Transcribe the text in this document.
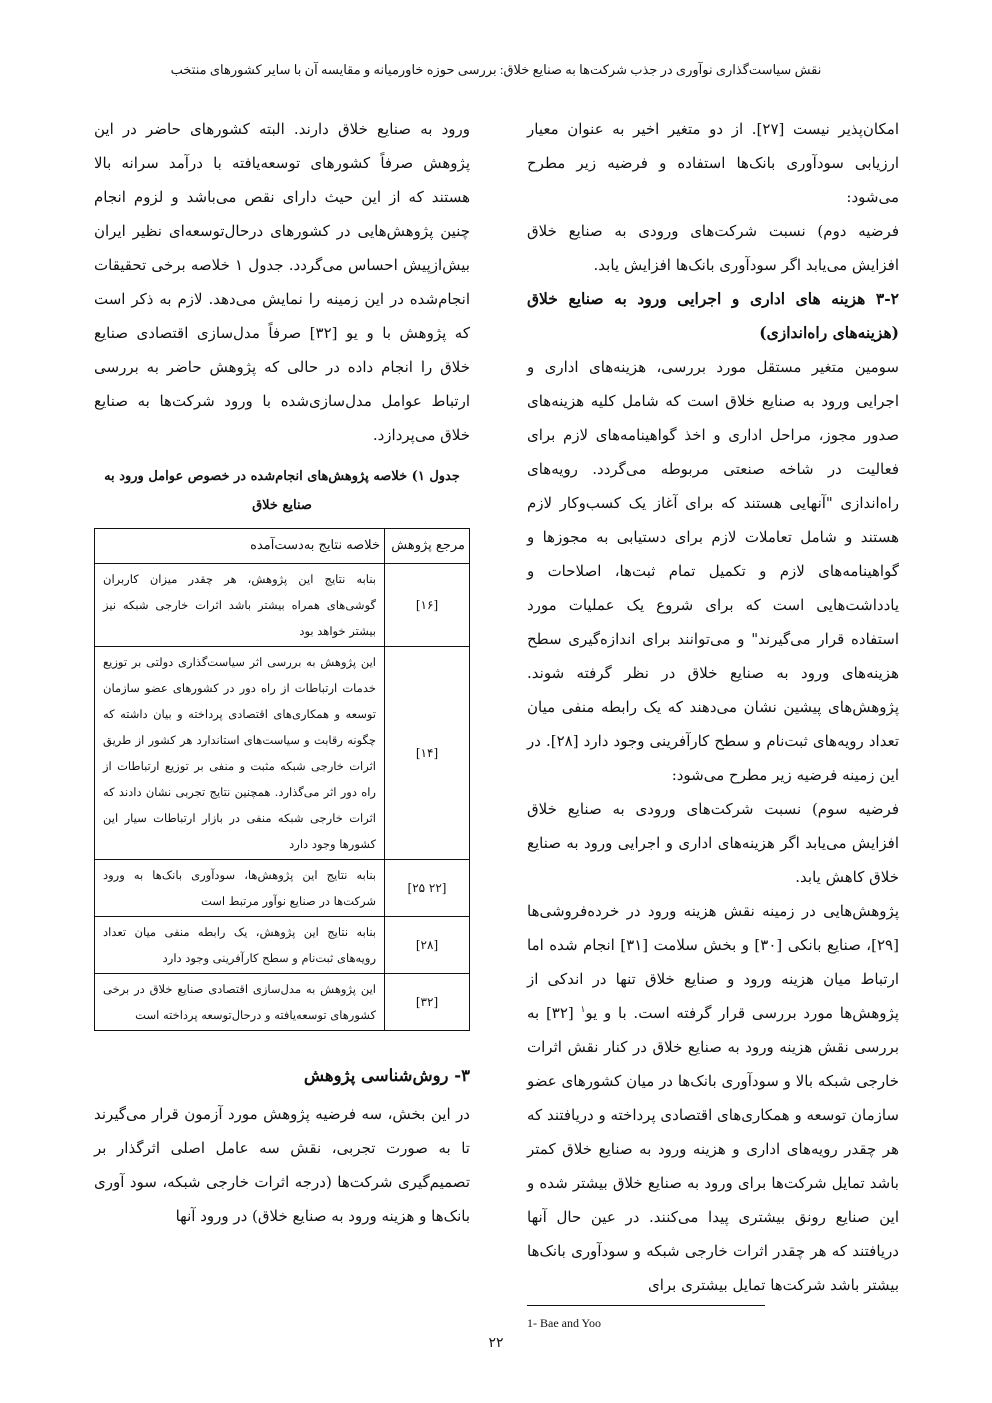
نقش سیاست‌گذاری نوآوری در جذب شرکت‌ها به صنایع خلاق: بررسی حوزه خاورمیانه و مقایسه آن با سایر کشورهای منتخب

امکان‌پذیر نیست [۲۷]. از دو متغیر اخیر به عنوان معیار ارزیابی سودآوری بانک‌ها استفاده و فرضیه زیر مطرح می‌شود:

فرضیه دوم) نسبت شرکت‌های ورودی به صنایع خلاق افزایش می‌یابد اگر سودآوری بانک‌ها افزایش یابد.

۳-۲ هزینه های اداری و اجرایی ورود به صنایع خلاق (هزینه‌های راه‌اندازی)

سومین متغیر مستقل مورد بررسی، هزینه‌های اداری و اجرایی ورود به صنایع خلاق است که شامل کلیه هزینه‌های صدور مجوز، مراحل اداری و اخذ گواهینامه‌های لازم برای فعالیت در شاخه صنعتی مربوطه می‌گردد. رویه‌های راه‌اندازی "آنهایی هستند که برای آغاز یک کسب‌وکار لازم هستند و شامل تعاملات لازم برای دستیابی به مجوزها و گواهینامه‌های لازم و تکمیل تمام ثبت‌ها، اصلاحات و یادداشت‌هایی است که برای شروع یک عملیات مورد استفاده قرار می‌گیرند" و می‌توانند برای اندازه‌گیری سطح هزینه‌های ورود به صنایع خلاق در نظر گرفته شوند. پژوهش‌های پیشین نشان می‌دهند که یک رابطه منفی میان تعداد رویه‌های ثبت‌نام و سطح کارآفرینی وجود دارد [۲۸]. در این زمینه فرضیه زیر مطرح می‌شود:

فرضیه سوم) نسبت شرکت‌های ورودی به صنایع خلاق افزایش می‌یابد اگر هزینه‌های اداری و اجرایی ورود به صنایع خلاق کاهش یابد.

پژوهش‌هایی در زمینه نقش هزینه ورود در خرده‌فروشی‌ها [۲۹]، صنایع بانکی [۳۰] و بخش سلامت [۳۱] انجام شده اما ارتباط میان هزینه ورود و صنایع خلاق تنها در اندکی از پژوهش‌ها مورد بررسی قرار گرفته است. با و یو$^۱$ [۳۲] به بررسی نقش هزینه ورود به صنایع خلاق در کنار نقش اثرات خارجی شبکه بالا و سودآوری بانک‌ها در میان کشورهای عضو سازمان توسعه و همکاری‌های اقتصادی پرداخته و دریافتند که هر چقدر رویه‌های اداری و هزینه ورود به صنایع خلاق کمتر باشد تمایل شرکت‌ها برای ورود به صنایع خلاق بیشتر شده و این صنایع رونق بیشتری پیدا می‌کنند. در عین حال آنها دریافتند که هر چقدر اثرات خارجی شبکه و سودآوری بانک‌ها بیشتر باشد شرکت‌ها تمایل بیشتری برای

ورود به صنایع خلاق دارند. البته کشورهای حاضر در این پژوهش صرفاً کشورهای توسعه‌یافته با درآمد سرانه بالا هستند که از این حیث دارای نقص می‌باشد و لزوم انجام چنین پژوهش‌هایی در کشورهای درحال‌توسعه‌ای نظیر ایران بیش‌ازپیش احساس می‌گردد. جدول ۱ خلاصه برخی تحقیقات انجام‌شده در این زمینه را نمایش می‌دهد. لازم به ذکر است که پژوهش با و یو [۳۲] صرفاً مدل‌سازی اقتصادی صنایع خلاق را انجام داده در حالی که پژوهش حاضر به بررسی ارتباط عوامل مدل‌سازی‌شده با ورود شرکت‌ها به صنایع خلاق می‌پردازد.

جدول ۱) خلاصه پژوهش‌های انجام‌شده در خصوص عوامل ورود به صنایع خلاق
مرجع پژوهش	خلاصه نتایج به‌دست‌آمده
[۱۶]	بنابه نتایج این پژوهش، هر چقدر میزان کاربران گوشی‌های همراه بیشتر باشد اثرات خارجی شبکه نیز بیشتر خواهد بود
[۱۴]	این پژوهش به بررسی اثر سیاست‌گذاری دولتی بر توزیع خدمات ارتباطات از راه دور در کشورهای عضو سازمان توسعه و همکاری‌های اقتصادی پرداخته و بیان داشته که چگونه رقابت و سیاست‌های استاندارد هر کشور از طریق اثرات خارجی شبکه مثبت و منفی بر توزیع ارتباطات از راه دور اثر می‌گذارد. همچنین نتایج تجربی نشان دادند که اثرات خارجی شبکه منفی در بازار ارتباطات سیار این کشورها وجود دارد
[۲۲ ۲۵]	بنابه نتایج این پژوهش‌ها، سودآوری بانک‌ها به ورود شرکت‌ها در صنایع نوآور مرتبط است
[۲۸]	بنابه نتایج این پژوهش، یک رابطه منفی میان تعداد رویه‌های ثبت‌نام و سطح کارآفرینی وجود دارد
[۳۲]	این پژوهش به مدل‌سازی اقتصادی صنایع خلاق در برخی کشورهای توسعه‌یافته و درحال‌توسعه پرداخته است
۳- روش‌شناسی پژوهش

در این بخش، سه فرضیه پژوهش مورد آزمون قرار می‌گیرند تا به صورت تجربی، نقش سه عامل اصلی اثرگذار بر تصمیم‌گیری شرکت‌ها (درجه اثرات خارجی شبکه، سود آوری بانک‌ها و هزینه ورود به صنایع خلاق) در ورود آنها

1- Bae and Yoo
۲۲
